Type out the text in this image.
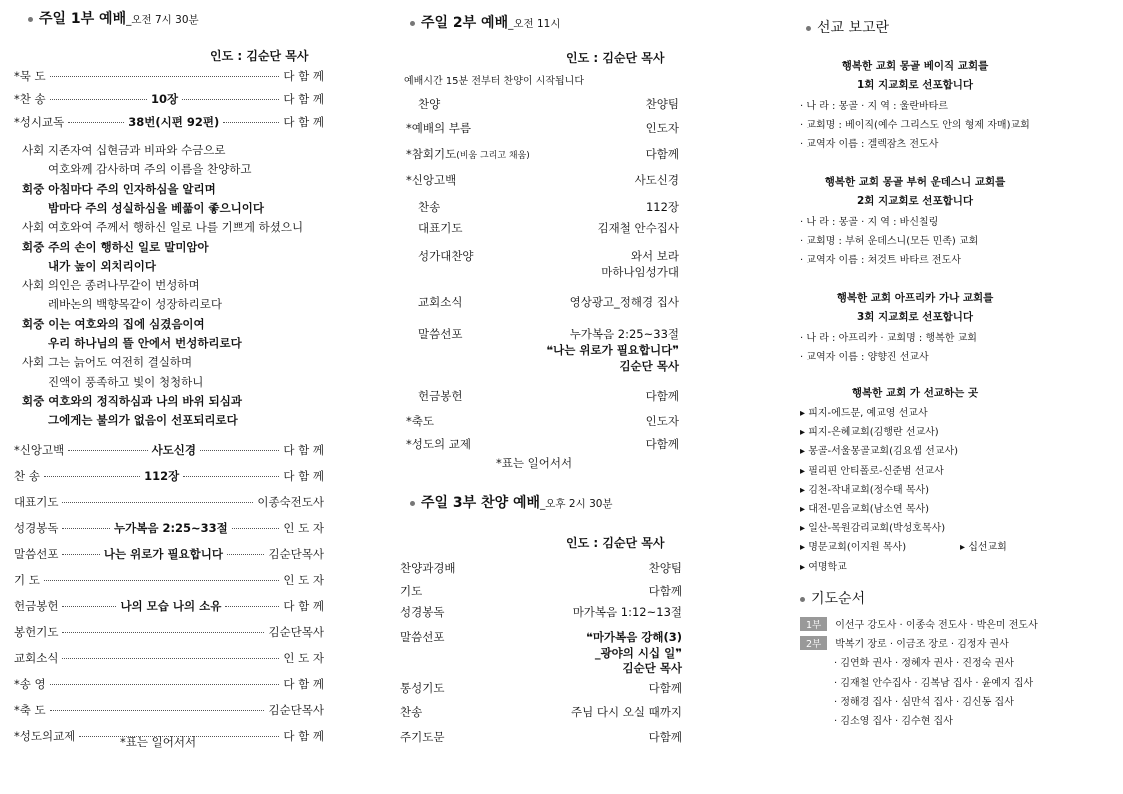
주일 1부 예배_오전 7시 30분
인도 : 김순단 목사
*묵 도	다 함 께
*찬 송	10장	다 함 께
*성시교독	38번(시편 92편)	다 함 께
사회 지존자여 십현금과 비파와 수금으로
여호와께 감사하며 주의 이름을 찬양하고
회중 아침마다 주의 인자하심을 알리며
밤마다 주의 성실하심을 베풂이 좋으니이다
사회 여호와여 주께서 행하신 일로 나를 기쁘게 하셨으니
회중 주의 손이 행하신 일로 말미암아
내가 높이 외치리이다
사회 의인은 종려나무같이 번성하며
레바논의 백향목같이 성장하리로다
회중 이는 여호와의 집에 심겼음이여
우리 하나님의 뜰 안에서 번성하리로다
사회 그는 늙어도 여전히 결실하며
진액이 풍족하고 빛이 청청하니
회중 여호와의 정직하심과 나의 바위 되심과
그에게는 불의가 없음이 선포되리로다
*신앙고백	사도신경	다 함 께
찬 송	112장	다 함 께
대표기도	이종숙전도사
성경봉독	누가복음 2:25~33절	인 도 자
말씀선포	나는 위로가 필요합니다	김순단목사
기 도	인 도 자
헌금봉헌	나의 모습 나의 소유	다 함 께
봉헌기도	김순단목사
교회소식	인 도 자
*송 영	다 함 께
*축 도	김순단목사
*성도의교제	다 함 께
*표는 일어서서
주일 2부 예배_오전 11시
인도 : 김순단 목사
예배시간 15분 전부터 찬양이 시작됩니다
찬양	찬양팀
*예배의 부름	인도자
*참회기도(비움 그리고 채움)	다함께
*신앙고백	사도신경
찬송	112장
대표기도	김재철 안수집사
성가대찬양	와서 보라
마하나임성가대
교회소식	영상광고_정해경 집사
말씀선포	누가복음 2:25~33절
❝나는 위로가 필요합니다❞
김순단 목사
헌금봉헌	다함께
*축도	인도자
*성도의 교제	다함께
*표는 일어서서
주일 3부 찬양 예배_오후 2시 30분
인도 : 김순단 목사
찬양과경배	찬양팀
기도	다함께
성경봉독	마가복음 1:12~13절
말씀선포	❝마가복음 강해(3)
_광야의 시십 일❞
김순단 목사
통성기도	다함께
찬송	주님 다시 오실 때까지
주기도문	다함께
선교 보고란
행복한 교회 몽골 베이직 교회를
1회 지교회로 선포합니다
· 나 라 : 몽골 · 지 역 : 울란바타르
· 교회명 : 베이직(예수 그리스도 안의 형제 자매)교회
· 교역자 이름 : 겔렉잠츠 전도사
행복한 교회 몽골 부허 운데스니 교회를
2회 지교회로 선포합니다
· 나 라 : 몽골 · 지 역 : 바신칠링
· 교회명 : 부허 운데스니(모든 민족) 교회
· 교역자 이름 : 쳐것트 바타르 전도사
행복한 교회 아프리카 가나 교회를
3회 지교회로 선포합니다
· 나 라 : 아프리카 · 교회명 : 행복한 교회
· 교역자 이름 : 양향진 선교사
행복한 교회 가 선교하는 곳
▸ 피지-에드문, 예교영 선교사
▸ 피지-은혜교회(김행란 선교사)
▸ 몽골-서울몽골교회(김요셉 선교사)
▸ 필리핀 안티폴로-신준범 선교사
▸ 김천-작내교회(정수태 목사)
▸ 대전-믿음교회(남소연 목사)
▸ 일산-목원감리교회(박성호목사)
▸ 명문교회(이지원 목사)
▸ 여명학교
▸ 십선교회
기도순서
1부 이선구 강도사 · 이종숙 전도사 · 박은미 전도사
2부 박복기 장로 · 이금조 장로 · 김정자 권사
· 김연화 권사 · 정혜자 권사 · 진정숙 권사
· 김재철 안수집사 · 김복남 집사 · 윤예지 집사
· 정해경 집사 · 심만석 집사 · 김신동 집사
· 김소영 집사 · 김수현 집사
